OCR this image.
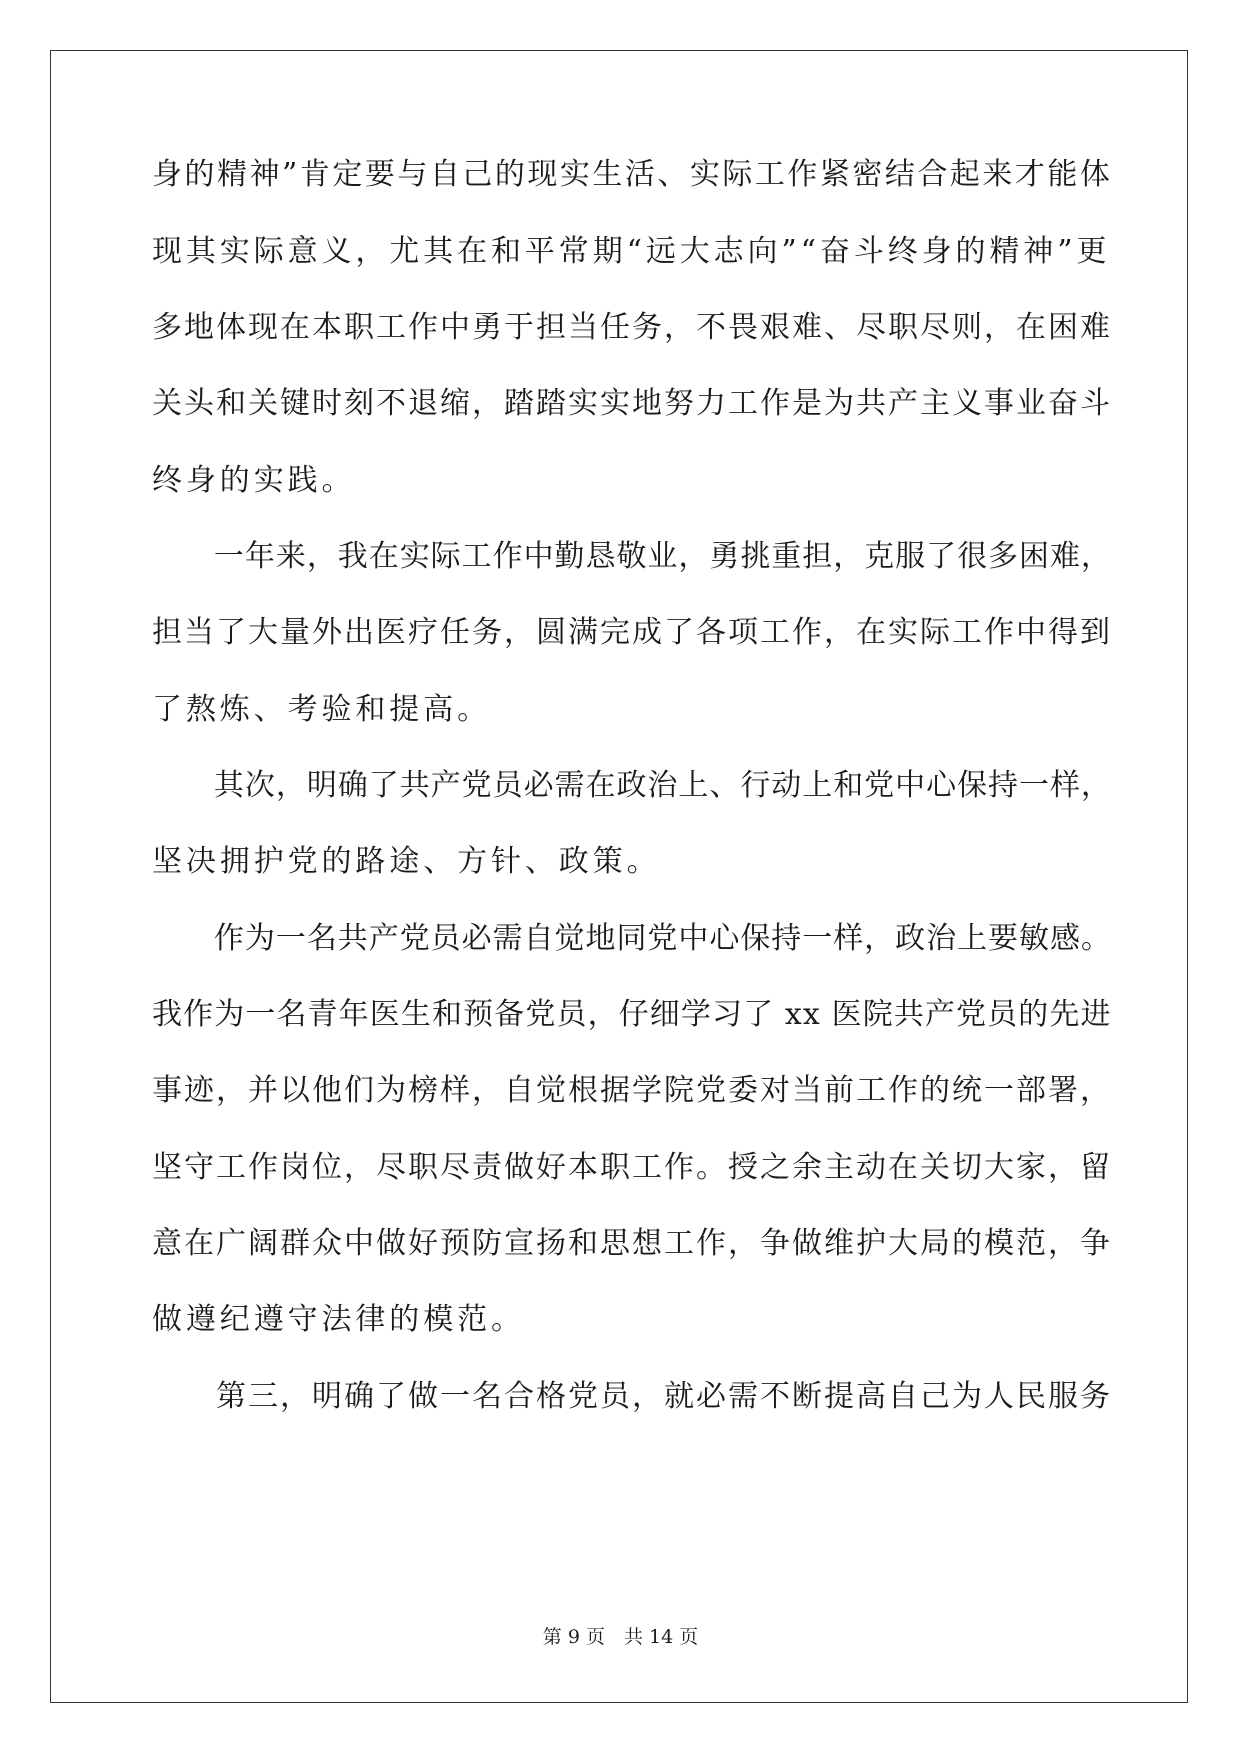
身的精神”肯定要与自己的现实生活、实际工作紧密结合起来才能体
现其实际意义，尤其在和平常期“远大志向”“奋斗终身的精神”更
多地体现在本职工作中勇于担当任务，不畏艰难、尽职尽则，在困难
关头和关键时刻不退缩，踏踏实实地努力工作是为共产主义事业奋斗
终身的实践。
　　一年来，我在实际工作中勤恳敬业，勇挑重担，克服了很多困难，
担当了大量外出医疗任务，圆满完成了各项工作，在实际工作中得到
了熬炼、考验和提高。
　　其次，明确了共产党员必需在政治上、行动上和党中心保持一样，
坚决拥护党的路途、方针、政策。
　　作为一名共产党员必需自觉地同党中心保持一样，政治上要敏感。
我作为一名青年医生和预备党员，仔细学习了 xx 医院共产党员的先进
事迹，并以他们为榜样，自觉根据学院党委对当前工作的统一部署，
坚守工作岗位，尽职尽责做好本职工作。授之余主动在关切大家，留
意在广阔群众中做好预防宣扬和思想工作，争做维护大局的模范，争
做遵纪遵守法律的模范。
　　第三，明确了做一名合格党员，就必需不断提高自己为人民服务
第 9 页　共 14 页
